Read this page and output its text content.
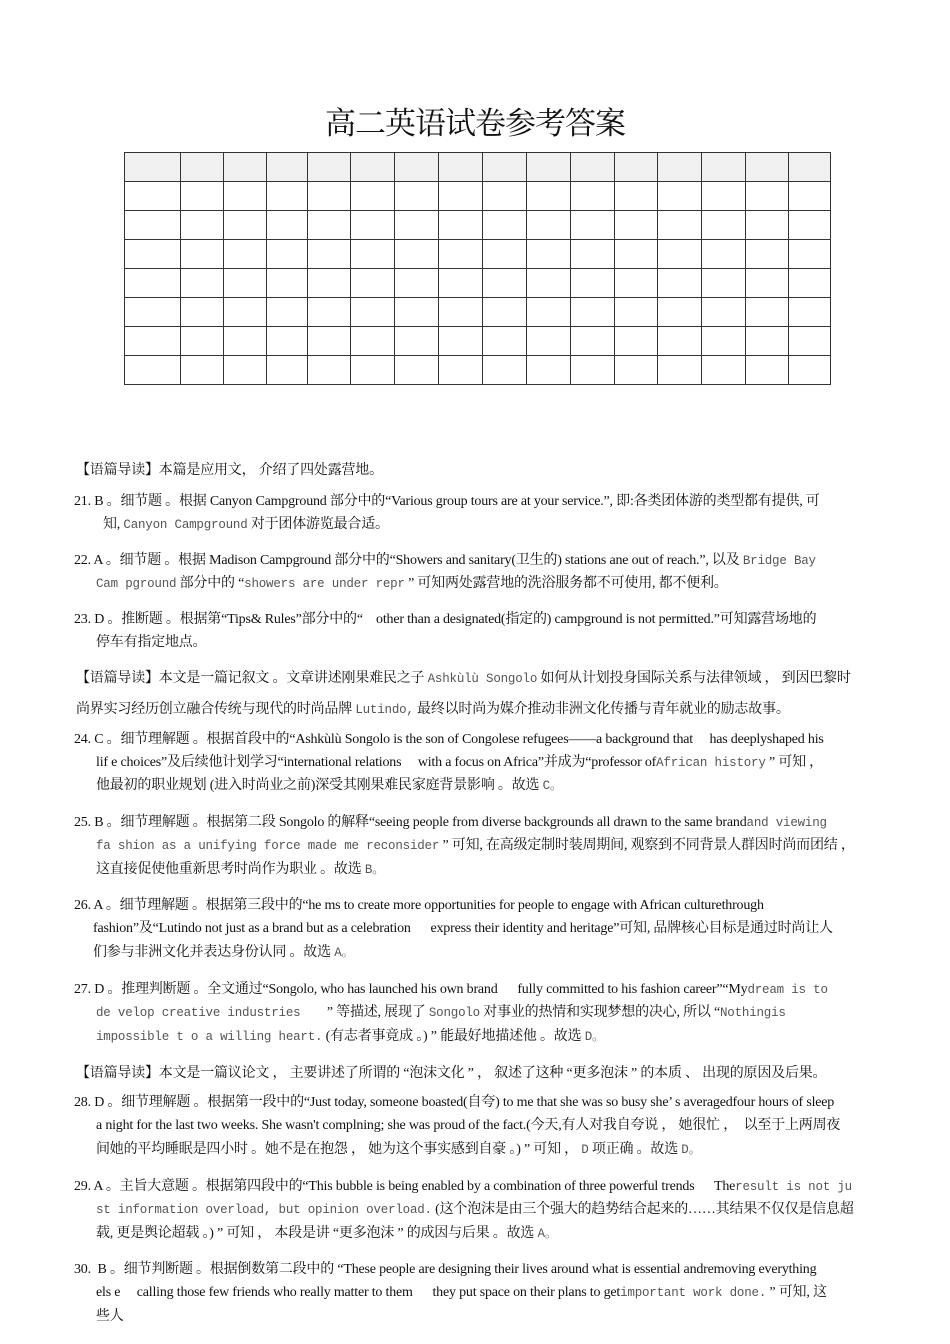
高二英语试卷参考答案

【语篇导读】本篇是应用文， 介绍了四处露营地。
21. B 。细节题 。根据 Canyon Campground 部分中的“Various group tours are at your service.”, 即:各类团体游的类型都有提供, 可
知, Canyon Campground 对于团体游览最合适。
22. A 。细节题 。根据 Madison Campground 部分中的“Showers and sanitary(卫生的) stations ane out of reach.”, 以及 Bridge Bay
Cam pground 部分中的 “showers are under repr ” 可知两处露营地的洗浴服务都不可使用, 都不便利。
23. D 。推断题 。根据第“Tips& Rules”部分中的“    other than a designated(指定的) campground is not permitted.”可知露营场地的
停车有指定地点。
【语篇导读】本文是一篇记叙文 。文章讲述刚果难民之子 Ashkùlù Songolo 如何从计划投身国际关系与法律领域 ， 到因巴黎时
尚界实习经历创立融合传统与现代的时尚品牌 Lutindo, 最终以时尚为媒介推动非洲文化传播与青年就业的励志故事。
24. C 。细节理解题 。根据首段中的“Ashkùlù Songolo is the son of Congolese refugees——a background that     has deeplyshaped his
lif e choices”及后续他计划学习“international relations     with a focus on Africa”并成为“professor ofAfrican history ” 可知 ，
他最初的职业规划 (进入时尚业之前)深受其刚果难民家庭背景影响 。故选 C。
25. B 。细节理解题 。根据第二段 Songolo 的解释“seeing people from diverse backgrounds all drawn to the same brandand viewing
fa shion as a unifying force made me reconsider ” 可知, 在高级定制时装周期间, 观察到不同背景人群因时尚而团结 ，
这直接促使他重新思考时尚作为职业 。故选 B。
26. A 。细节理解题 。根据第三段中的“he ms to create more opportunities for people to engage with African culturethrough
fashion”及“Lutindo not just as a brand but as a celebration      express their identity and heritage”可知, 品牌核心目标是通过时尚让人
们参与非洲文化并表达身份认同 。故选 A。
27. D 。推理判断题 。全文通过“Songolo, who has launched his own brand      fully committed to his fashion career”“Mydream is to
de velop creative industries        ” 等描述, 展现了 Songolo 对事业的热情和实现梦想的决心, 所以 “Nothingis
impossible t o a willing heart. (有志者事竟成 。) ” 能最好地描述他 。故选 D。
【语篇导读】本文是一篇议论文 ， 主要讲述了所谓的 “泡沫文化 ” ， 叙述了这种 “更多泡沫 ” 的本质 、 出现的原因及后果。
28. D 。细节理解题 。根据第一段中的“Just today, someone boasted(自夸) to me that she was so busy she’ s averagedfour hours of sleep
a night for the last two weeks. She wasn't complning; she was proud of the fact.(今天,有人对我自夸说 ， 她很忙 ，  以至于上两周夜
间她的平均睡眠是四小时 。她不是在抱怨 ， 她为这个事实感到自豪 。) ” 可知 ， D 项正确 。故选 D。
29. A 。主旨大意题 。根据第四段中的“This bubble is being enabled by a combination of three powerful trends      Theresult is not ju
st information overload, but opinion overload. (这个泡沫是由三个强大的趋势结合起来的……其结果不仅仅是信息超
载, 更是舆论超载 。) ” 可知 ， 本段是讲 “更多泡沫 ” 的成因与后果 。故选 A。
30.  B 。细节判断题 。根据倒数第二段中的 “These people are designing their lives around what is essential andremoving everything
els e     calling those few friends who really matter to them      they put space on their plans to getimportant work done. ” 可知, 这
些人
